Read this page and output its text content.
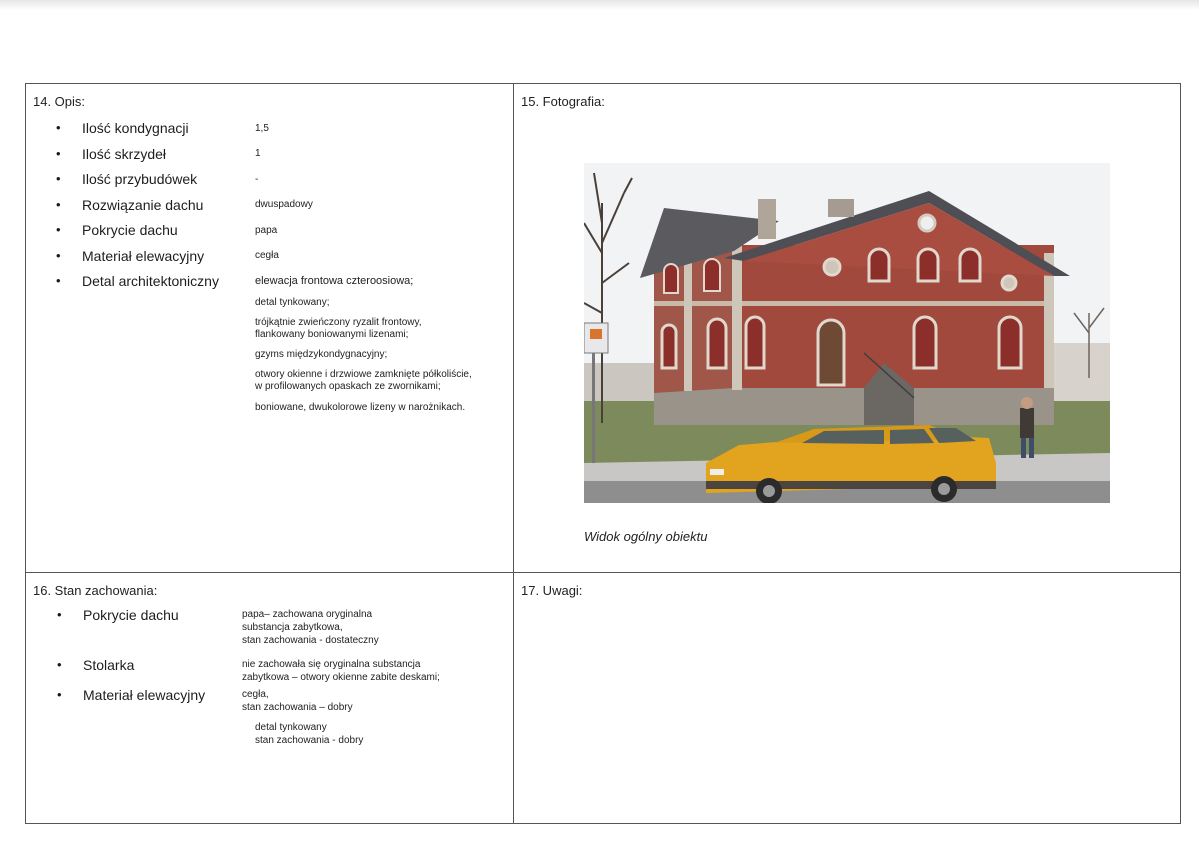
14. Opis:
• Ilość kondygnacji
• Ilość skrzydeł
• Ilość przybudówek
• Rozwiązanie dachu
• Pokrycie dachu
• Materiał elewacyjny
• Detal architektoniczny
1,5
1
-
dwuspadowy
papa
cegła
elewacja frontowa czteroosiowa;
detal tynkowany;
trójkątnie zwieńczony ryzalit frontowy,
flankowany boniowanymi lizenami;
gzyms międzykondygnacyjny;
otwory okienne i drzwiowe zamknięte półkoliście,
w profilowanych opaskach ze zwornikami;
boniowane, dwukolorowe lizeny w narożnikach.
15. Fotografia:
Widok ogólny obiektu
16. Stan zachowania:
• Pokrycie dachu
• Stolarka
• Materiał elewacyjny
papa– zachowana oryginalna
substancja zabytkowa,
stan zachowania - dostateczny
nie zachowała się oryginalna substancja
zabytkowa – otwory okienne zabite deskami;
cegła,
stan zachowania – dobry
detal tynkowany
stan zachowania - dobry
17. Uwagi:
